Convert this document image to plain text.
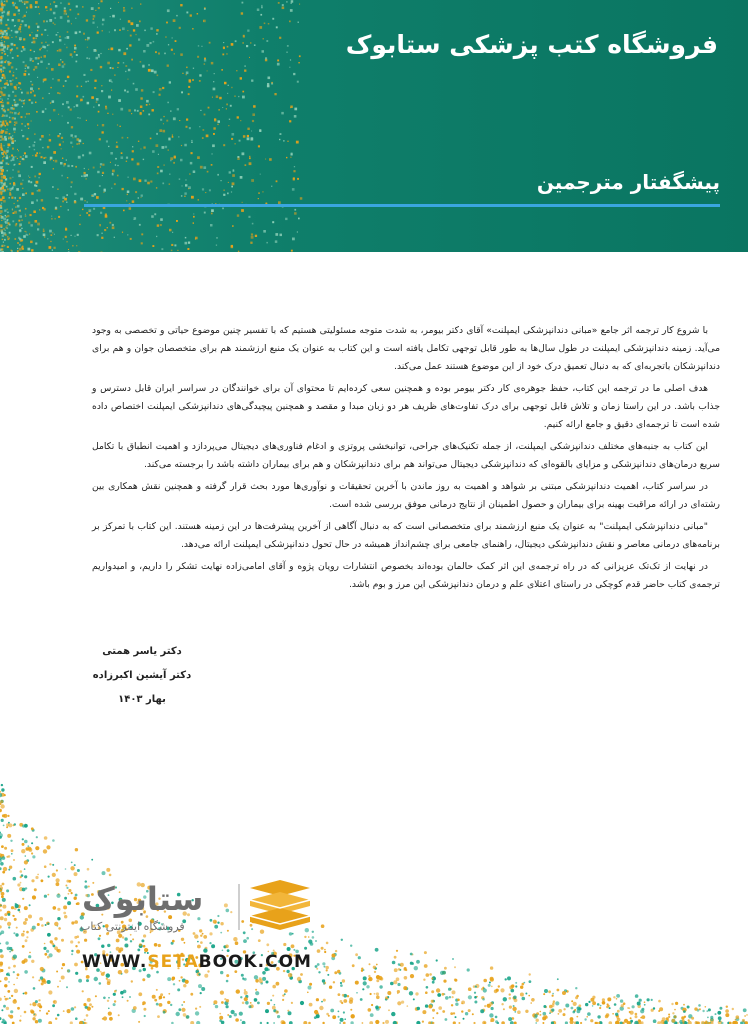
فروشگاه کتب پزشکی ستابوک
پیشگفتار مترجمین

با شروع کار ترجمه اثر جامع «مبانی دندانپزشکی ایمپلنت» آقای دکتر بیومر، به شدت متوجه مسئولیتی هستیم که با تفسیر چنین موضوع حیاتی و تخصصی به وجود می‌آید. زمینه دندانپزشکی ایمپلنت در طول سال‌ها به طور قابل توجهی تکامل یافته است و این کتاب به عنوان یک منبع ارزشمند هم برای متخصصان جوان و هم برای دندانپزشکان باتجربه‌ای که به دنبال تعمیق درک خود از این موضوع هستند عمل می‌کند.

هدف اصلی ما در ترجمه این کتاب، حفظ جوهره‌ی کار دکتر بیومر بوده و همچنین سعی کرده‌ایم تا محتوای آن برای خوانندگان در سراسر ایران قابل دسترس و جذاب باشد. در این راستا زمان و تلاش قابل توجهی برای درک تفاوت‌های ظریف هر دو زبان مبدا و مقصد و همچنین پیچیدگی‌های دندانپزشکی ایمپلنت اختصاص داده شده است تا ترجمه‌ای دقیق و جامع ارائه کنیم.

این کتاب به جنبه‌های مختلف دندانپزشکی ایمپلنت، از جمله تکنیک‌های جراحی، توانبخشی پروتزی و ادغام فناوری‌های دیجیتال می‌پردازد و اهمیت انطباق با تکامل سریع درمان‌های دندانپزشکی و مزایای بالقوه‌ای که دندانپزشکی دیجیتال می‌تواند هم برای دندانپزشکان و هم برای بیماران داشته باشد را برجسته می‌کند.

در سراسر کتاب، اهمیت دندانپزشکی مبتنی بر شواهد و اهمیت به روز ماندن با آخرین تحقیقات و نوآوری‌ها مورد بحث قرار گرفته و همچنین نقش همکاری بین رشته‌ای در ارائه مراقبت بهینه برای بیماران و حصول اطمینان از نتایج درمانی موفق بررسی شده است.

"مبانی دندانپزشکی ایمپلنت" به عنوان یک منبع ارزشمند برای متخصصانی است که به دنبال آگاهی از آخرین پیشرفت‌ها در این زمینه هستند. این کتاب با تمرکز بر برنامه‌های درمانی معاصر و نقش دندانپزشکی دیجیتال، راهنمای جامعی برای چشم‌انداز همیشه در حال تحول دندانپزشکی ایمپلنت ارائه می‌دهد.

در نهایت از تک‌تک عزیزانی که در راه ترجمه‌ی این اثر کمک حالمان بوده‌اند بخصوص انتشارات رویان پژوه و آقای امامی‌زاده نهایت تشکر را داریم، و امیدواریم ترجمه‌ی کتاب حاضر قدم کوچکی در راستای اعتلای علم و درمان دندانپزشکی این مرز و بوم باشد.

دکتر یاسر همتی
دکتر آیشین اکبرزاده
بهار ۱۴۰۳
ستابوک
فروشگاه اینترنتی کتاب
WWW.SETABOOK.COM
